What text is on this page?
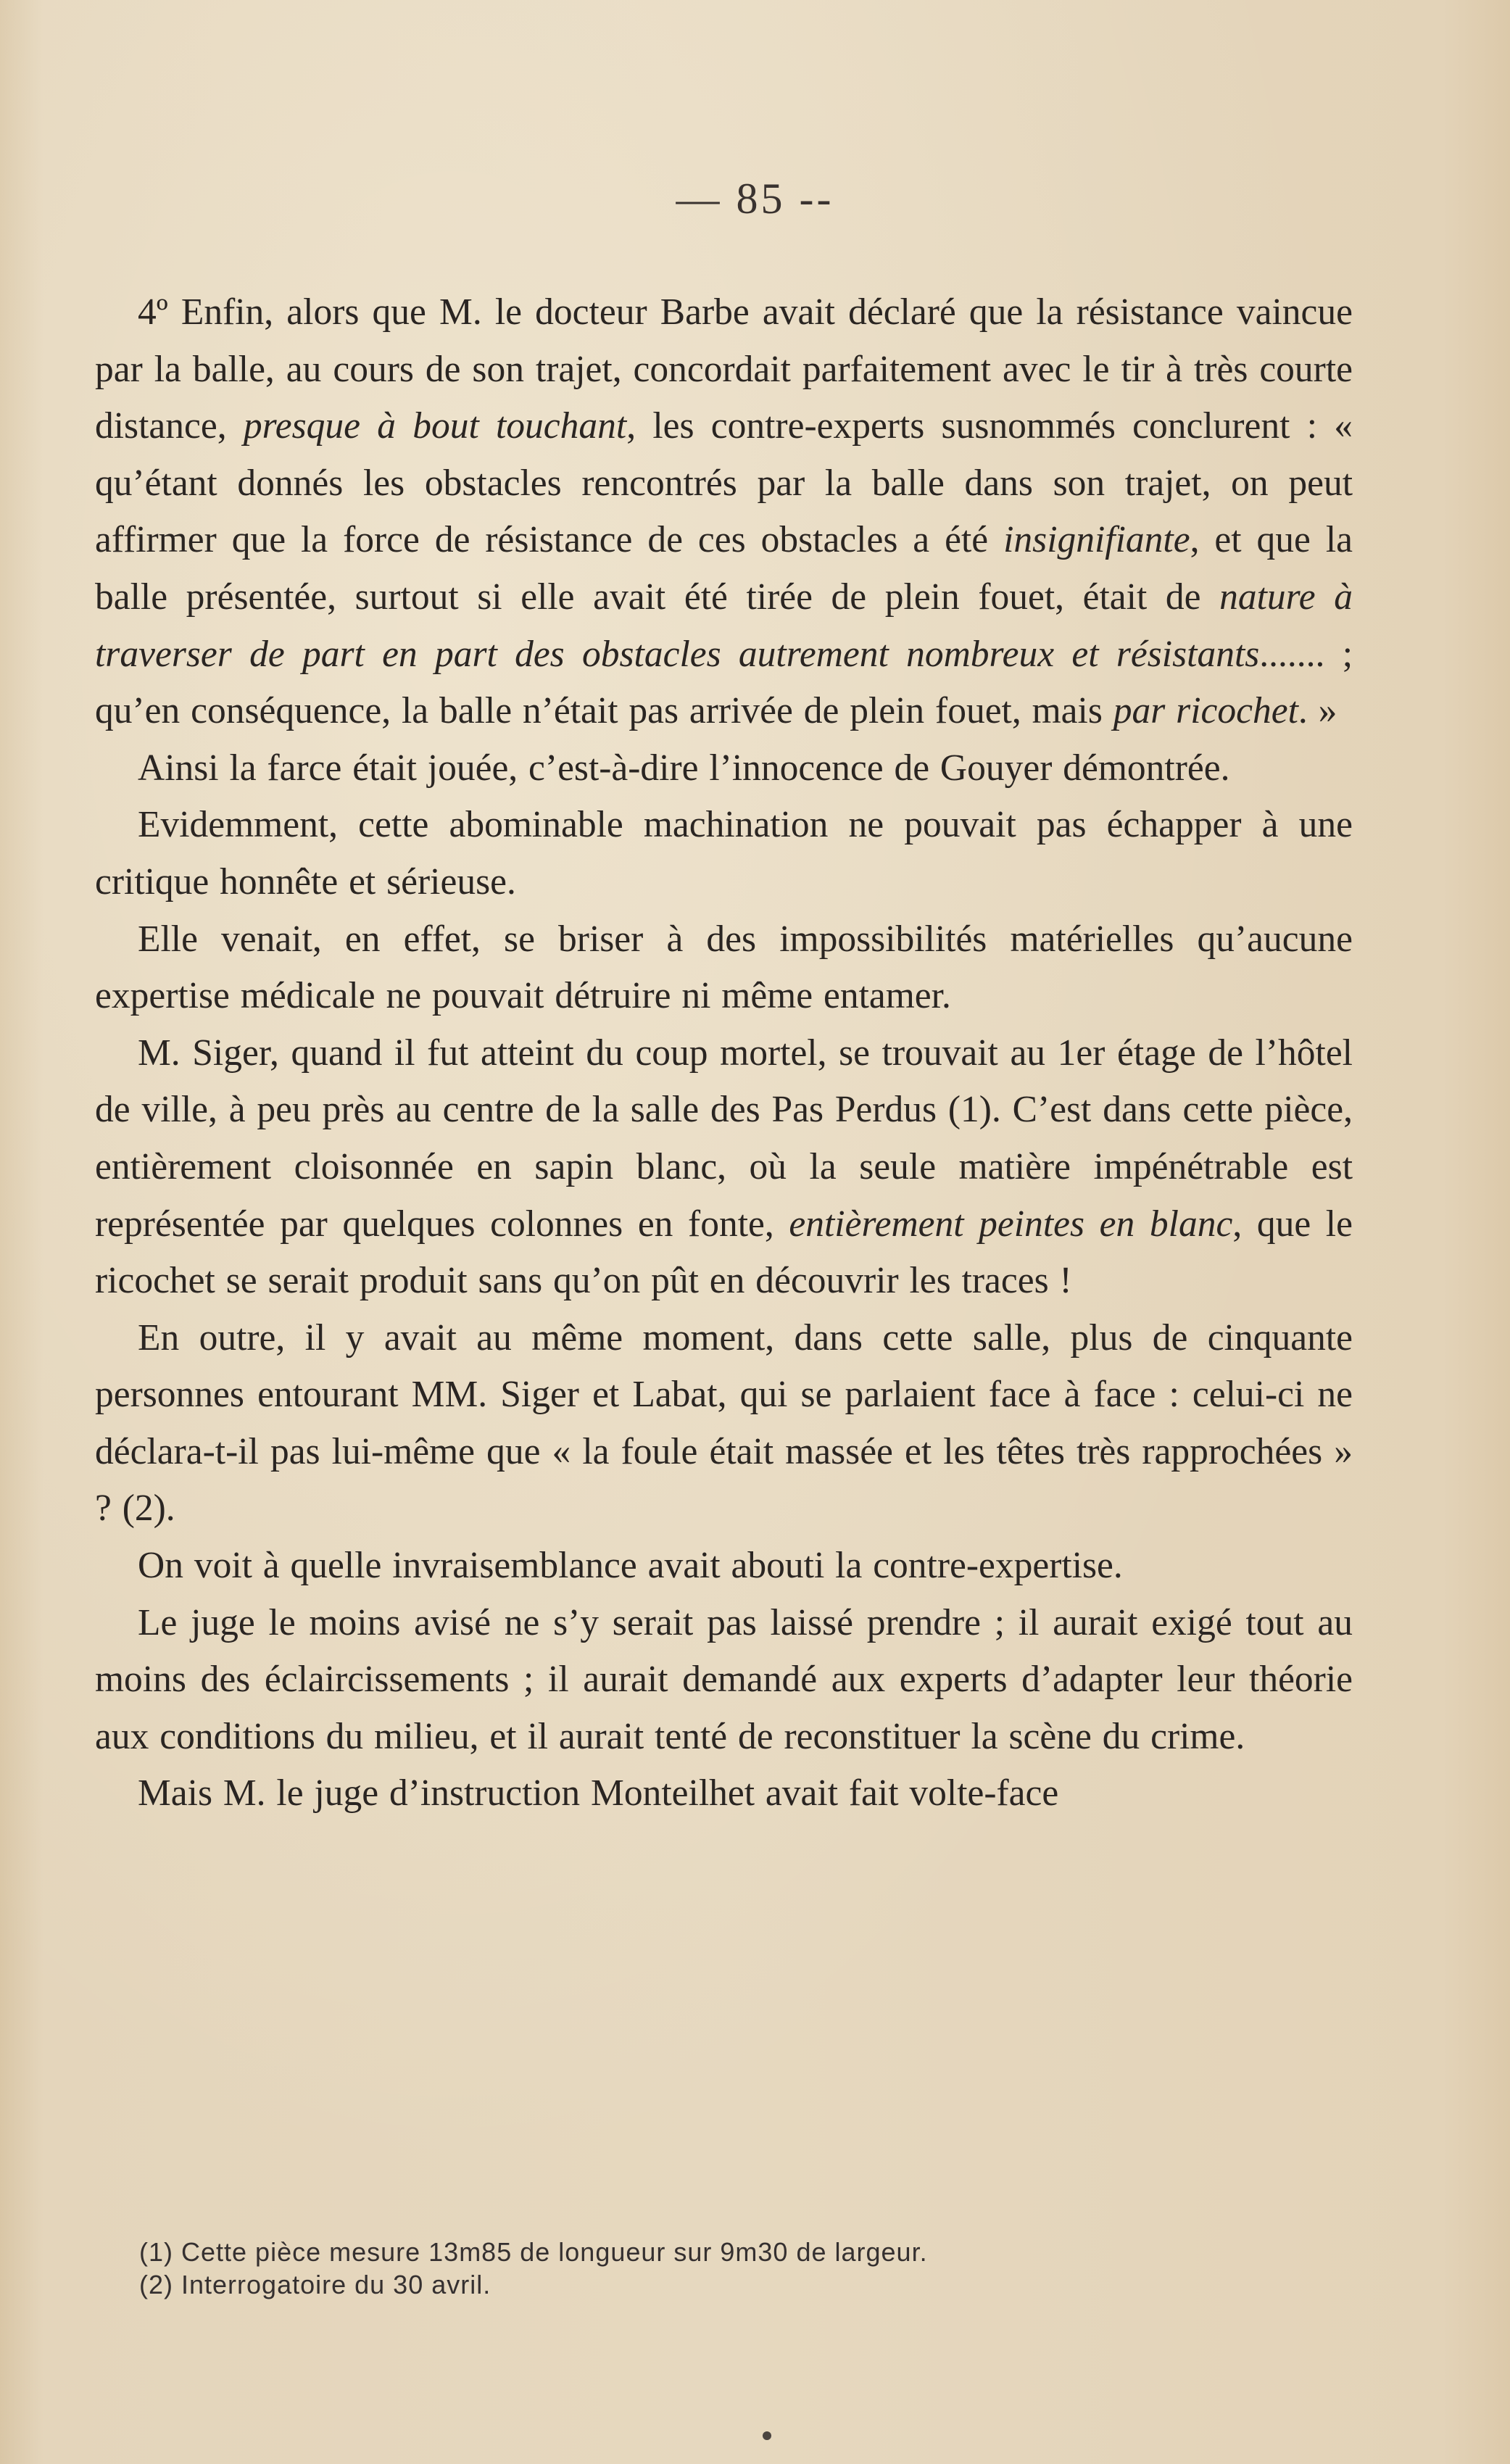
— 85 --

4º Enfin, alors que M. le docteur Barbe avait déclaré que la résistance vaincue par la balle, au cours de son trajet, concordait parfaitement avec le tir à très courte distance, presque à bout touchant, les contre-experts susnommés conclurent : « qu’étant donnés les obstacles rencontrés par la balle dans son trajet, on peut affirmer que la force de résistance de ces obstacles a été insignifiante, et que la balle présentée, surtout si elle avait été tirée de plein fouet, était de nature à traverser de part en part des obstacles autrement nombreux et résistants....... ; qu’en conséquence, la balle n’était pas arrivée de plein fouet, mais par ricochet. »

Ainsi la farce était jouée, c’est-à-dire l’innocence de Gouyer démontrée.

Evidemment, cette abominable machination ne pouvait pas échapper à une critique honnête et sérieuse.

Elle venait, en effet, se briser à des impossibilités matérielles qu’aucune expertise médicale ne pouvait détruire ni même entamer.

M. Siger, quand il fut atteint du coup mortel, se trouvait au 1er étage de l’hôtel de ville, à peu près au centre de la salle des Pas Perdus (1). C’est dans cette pièce, entièrement cloisonnée en sapin blanc, où la seule matière impénétrable est représentée par quelques colonnes en fonte, entièrement peintes en blanc, que le ricochet se serait produit sans qu’on pût en découvrir les traces !

En outre, il y avait au même moment, dans cette salle, plus de cinquante personnes entourant MM. Siger et Labat, qui se parlaient face à face : celui-ci ne déclara-t-il pas lui-même que « la foule était massée et les têtes très rapprochées » ? (2).

On voit à quelle invraisemblance avait abouti la contre-expertise.

Le juge le moins avisé ne s’y serait pas laissé prendre ; il aurait exigé tout au moins des éclaircissements ; il aurait demandé aux experts d’adapter leur théorie aux conditions du milieu, et il aurait tenté de reconstituer la scène du crime.

Mais M. le juge d’instruction Monteilhet avait fait volte-face

(1) Cette pièce mesure 13m85 de longueur sur 9m30 de largeur.

(2) Interrogatoire du 30 avril.
